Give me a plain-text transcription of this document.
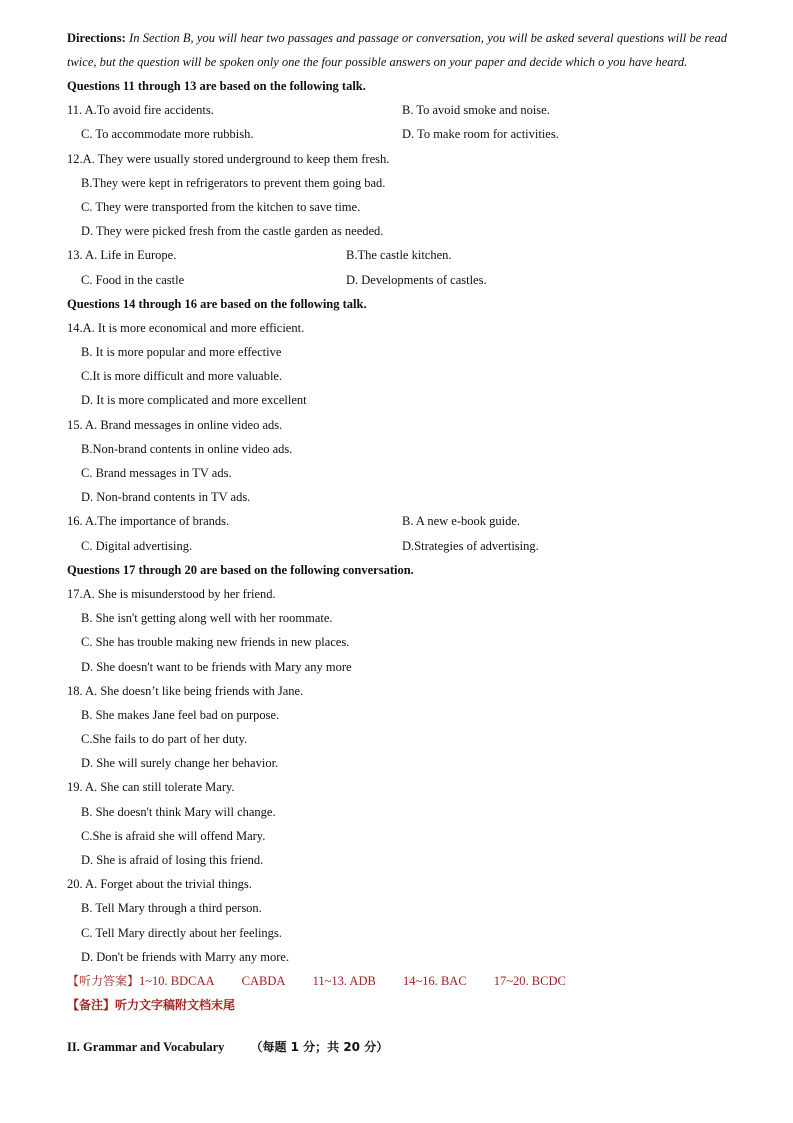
Directions: In Section B, you will hear two passages and passage or conversation, you will be asked several questions will be read twice, but the question will be spoken only one the four possible answers on your paper and decide which o you have heard.
Questions 11 through 13 are based on the following talk.
11. A.To avoid fire accidents.	B. To avoid smoke and noise.
C. To accommodate more rubbish.	D. To make room for activities.
12.A. They were usually stored underground to keep them fresh.
B.They were kept in refrigerators to prevent them going bad.
C. They were transported from the kitchen to save time.
D. They were picked fresh from the castle garden as needed.
13. A. Life in Europe.	B.The castle kitchen.
C. Food in the castle	D. Developments of castles.
Questions 14 through 16 are based on the following talk.
14.A. It is more economical and more efficient.
B. It is more popular and more effective
C.It is more difficult and more valuable.
D. It is more complicated and more excellent
15. A. Brand messages in online video ads.
B.Non-brand contents in online video ads.
C. Brand messages in TV ads.
D. Non-brand contents in TV ads.
16. A.The importance of brands.	B. A new e-book guide.
C. Digital advertising.	D.Strategies of advertising.
Questions 17 through 20 are based on the following conversation.
17.A. She is misunderstood by her friend.
B. She isn't getting along well with her roommate.
C. She has trouble making new friends in new places.
D. She doesn't want to be friends with Mary any more
18. A. She doesn’t like being friends with Jane.
B. She makes Jane feel bad on purpose.
C.She fails to do part of her duty.
D. She will surely change her behavior.
19. A. She can still tolerate Mary.
B. She doesn't think Mary will change.
C.She is afraid she will offend Mary.
D. She is afraid of losing this friend.
20. A. Forget about the trivial things.
B. Tell Mary through a third person.
C. Tell Mary directly about her feelings.
D. Don't be friends with Marry any more.
【听力答案】1~10. BDCAA CABDA 11~13. ADB 14~16. BAC 17~20. BCDC
【备注】听力文字稿附文档末尾
II. Grammar and Vocabulary （每题 1 分；共 20 分）
